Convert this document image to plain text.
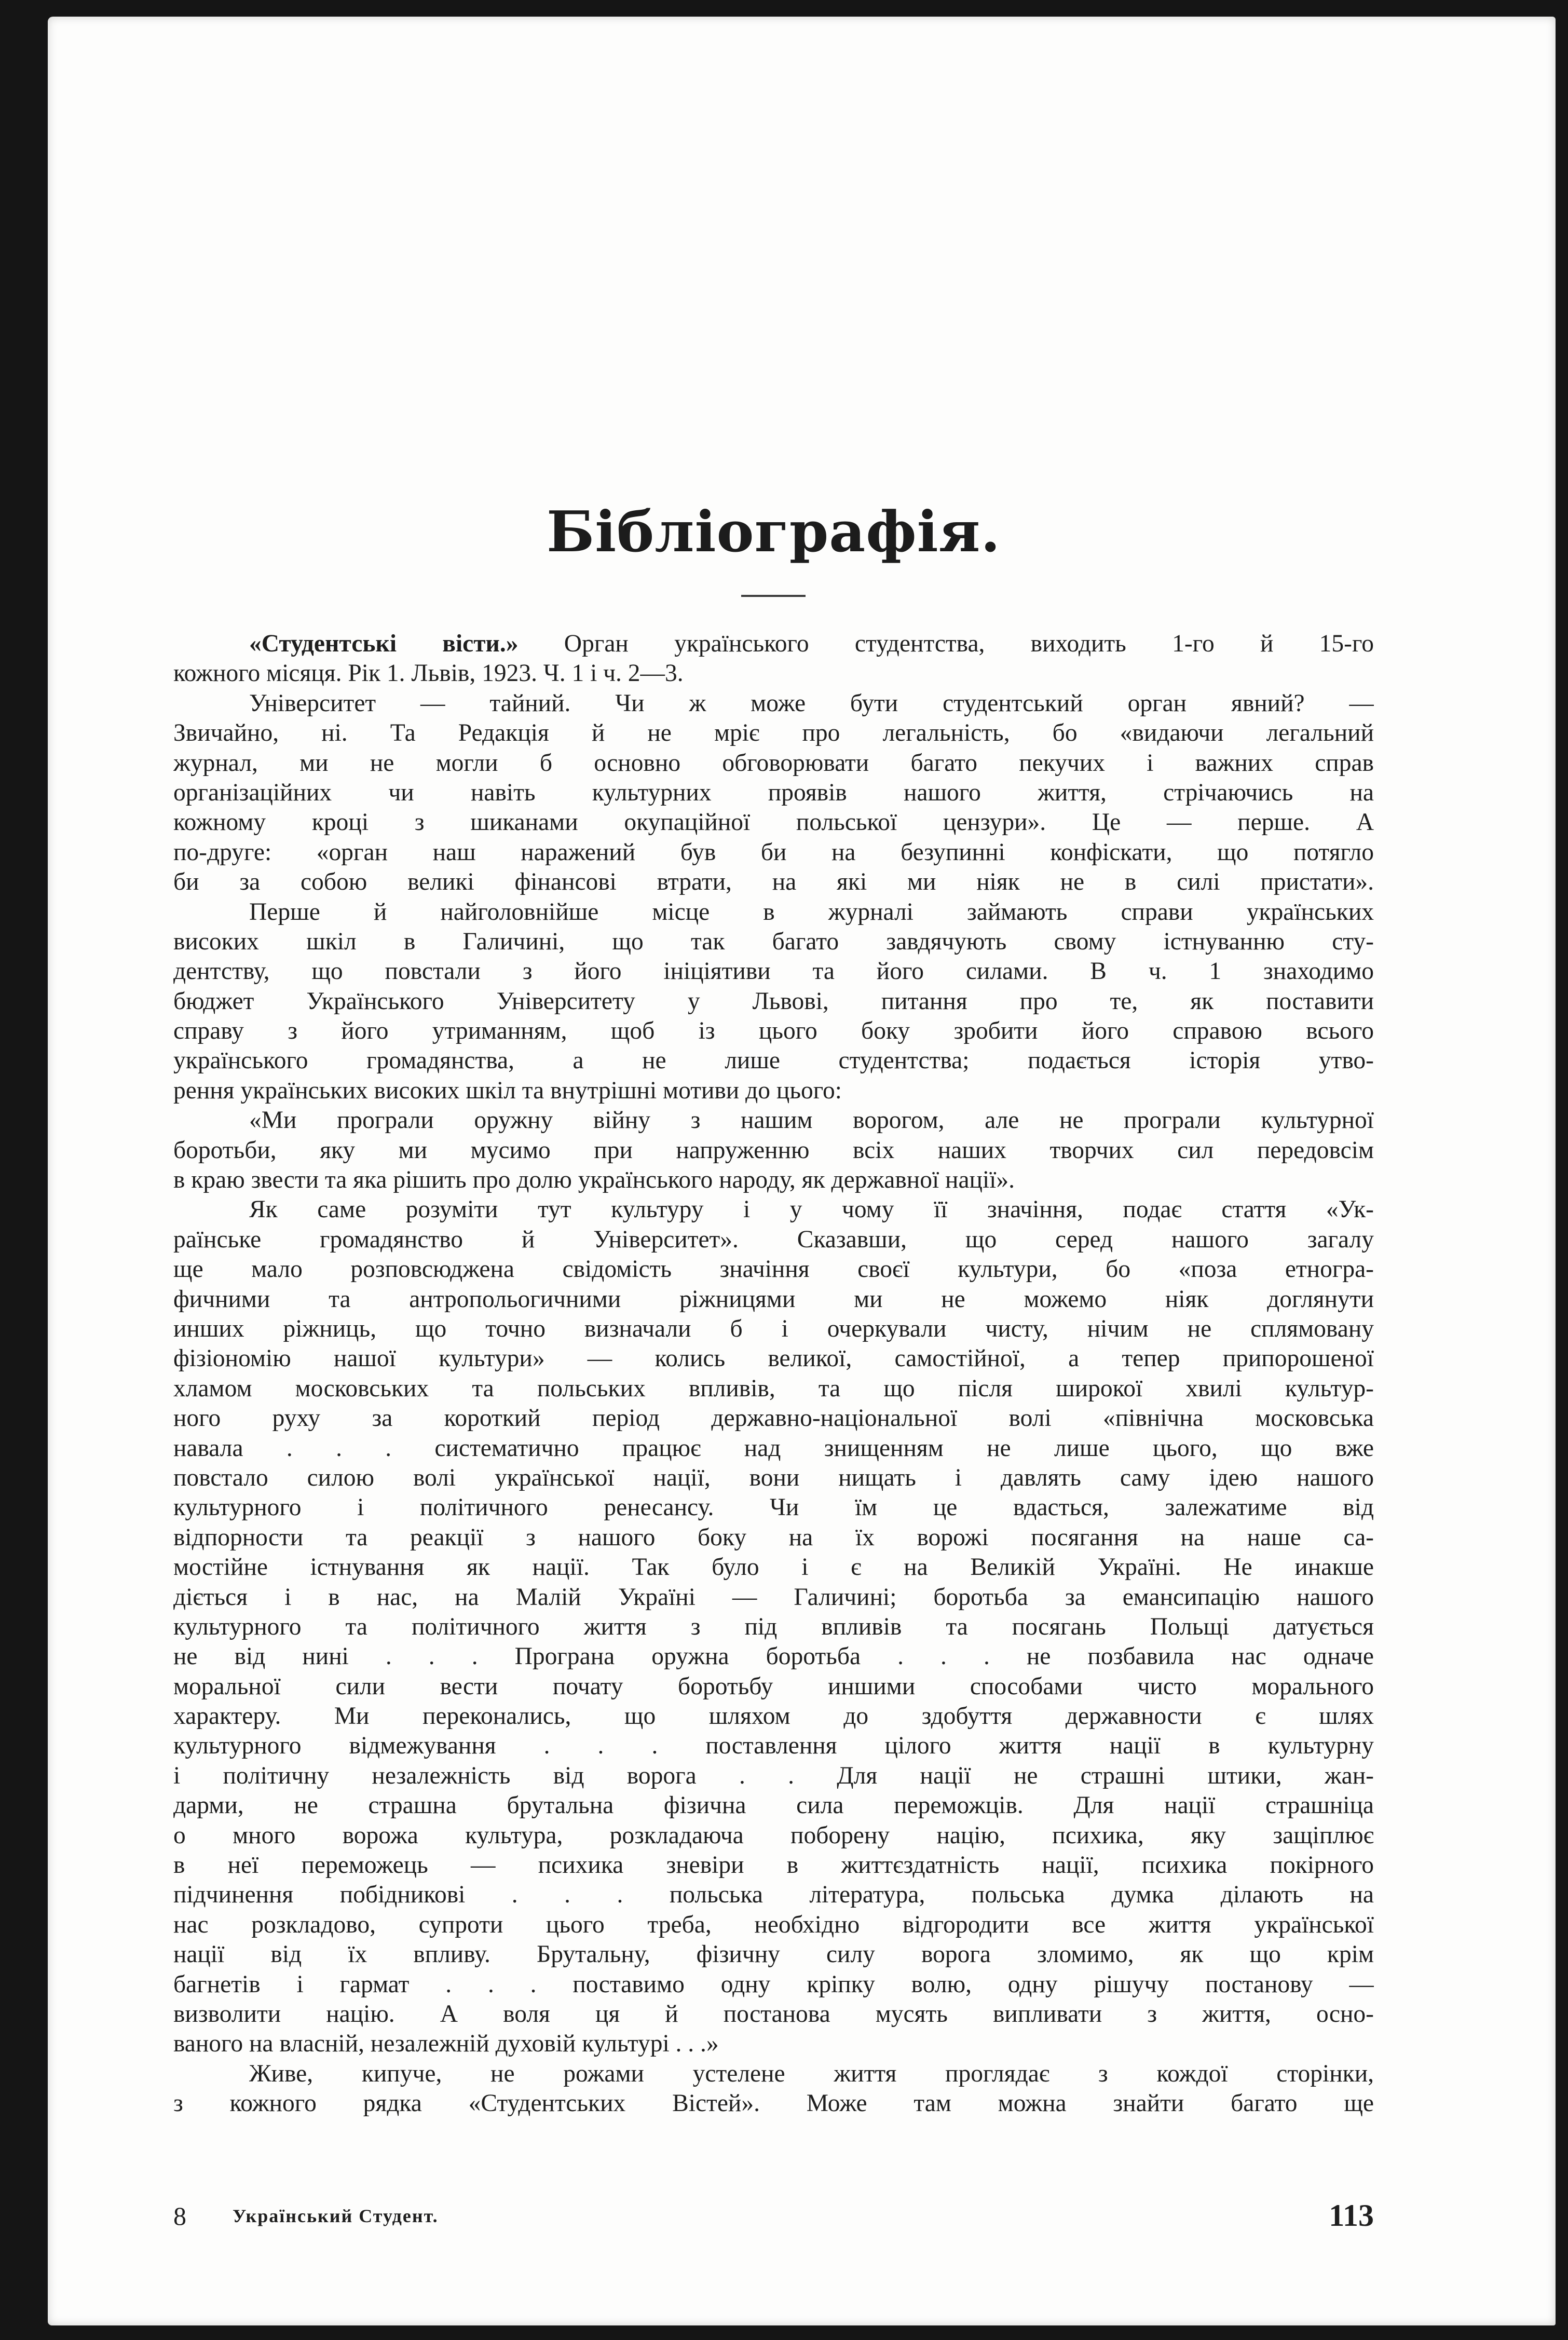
Бібліографія.
«Студентські вісти.» Орган українського студентства, виходить 1-го й 15-го
кожного місяця. Рік 1. Львів, 1923. Ч. 1 і ч. 2—3.
Університет — тайний. Чи ж може бути студентський орган явний? —
Звичайно, ні. Та Редакція й не мріє про легальність, бо «видаючи легальний
журнал, ми не могли б основно обговорювати багато пекучих і важних справ
організаційних чи навіть культурних проявів нашого життя, стрічаючись на
кожному кроці з шиканами окупаційної польської цензури». Це — перше. А
по-друге: «орган наш наражений був би на безупинні конфіскати, що потягло
би за собою великі фінансові втрати, на які ми ніяк не в силі пристати».
Перше й найголовнійше місце в журналі займають справи українських
високих шкіл в Галичині, що так багато завдячують свому істнуванню сту-
дентству, що повстали з його ініціятиви та його силами. В ч. 1 знаходимо
бюджет Українського Університету у Львові, питання про те, як поставити
справу з його утриманням, щоб із цього боку зробити його справою всього
українського громадянства, а не лише студентства; подається історія утво-
рення українських високих шкіл та внутрішні мотиви до цього:
«Ми програли оружну війну з нашим ворогом, але не програли культурної
боротьби, яку ми мусимо при напруженню всіх наших творчих сил передовсім
в краю звести та яка рішить про долю українського народу, як державної нації».
Як саме розуміти тут культуру і у чому її значіння, подає стаття «Ук-
раїнське громадянство й Університет». Сказавши, що серед нашого загалу
ще мало розповсюджена свідомість значіння своєї культури, бо «поза етногра-
фичними та антропольогичними ріжницями ми не можемо ніяк доглянути
инших ріжниць, що точно визначали б і очеркували чисту, нічим не сплямовану
фізіономію нашої культури» — колись великої, самостійної, а тепер припорошеної
хламом московських та польських впливів, та що після широкої хвилі культур-
ного руху за короткий період державно-національної волі «північна московська
навала . . . систематично працює над знищенням не лише цього, що вже
повстало силою волі української нації, вони нищать і давлять саму ідею нашого
культурного і політичного ренесансу. Чи їм це вдасться, залежатиме від
відпорности та реакції з нашого боку на їх ворожі посягання на наше са-
мостійне істнування як нації. Так було і є на Великій Україні. Не инакше
діється і в нас, на Малій Україні — Галичині; боротьба за емансипацію нашого
культурного та політичного життя з під впливів та посягань Польщі датується
не від нині . . . Програна оружна боротьба . . . не позбавила нас одначе
моральної сили вести почату боротьбу иншими способами чисто морального
характеру. Ми переконались, що шляхом до здобуття державности є шлях
культурного відмежування . . . поставлення цілого життя нації в культурну
і політичну незалежність від ворога . . Для нації не страшні штики, жан-
дарми, не страшна брутальна фізична сила переможців. Для нації страшніца
о много ворожа культура, розкладаюча поборену націю, психика, яку защіплює
в неї переможець — психика зневіри в життєздатність нації, психика покірного
підчинення побідникові . . . польська література, польська думка ділають на
нас розкладово, супроти цього треба, необхідно відгородити все життя української
нації від їх впливу. Брутальну, фізичну силу ворога зломимо, як що крім
багнетів і гармат . . . поставимо одну кріпку волю, одну рішучу постанову —
визволити націю. А воля ця й постанова мусять випливати з життя, осно-
ваного на власній, незалежній духовій культурі . . .»
Живе, кипуче, не рожами устелене життя проглядає з кождої сторінки,
з кожного рядка «Студентських Вістей». Може там можна знайти багато ще
8 Український Студент.	113
